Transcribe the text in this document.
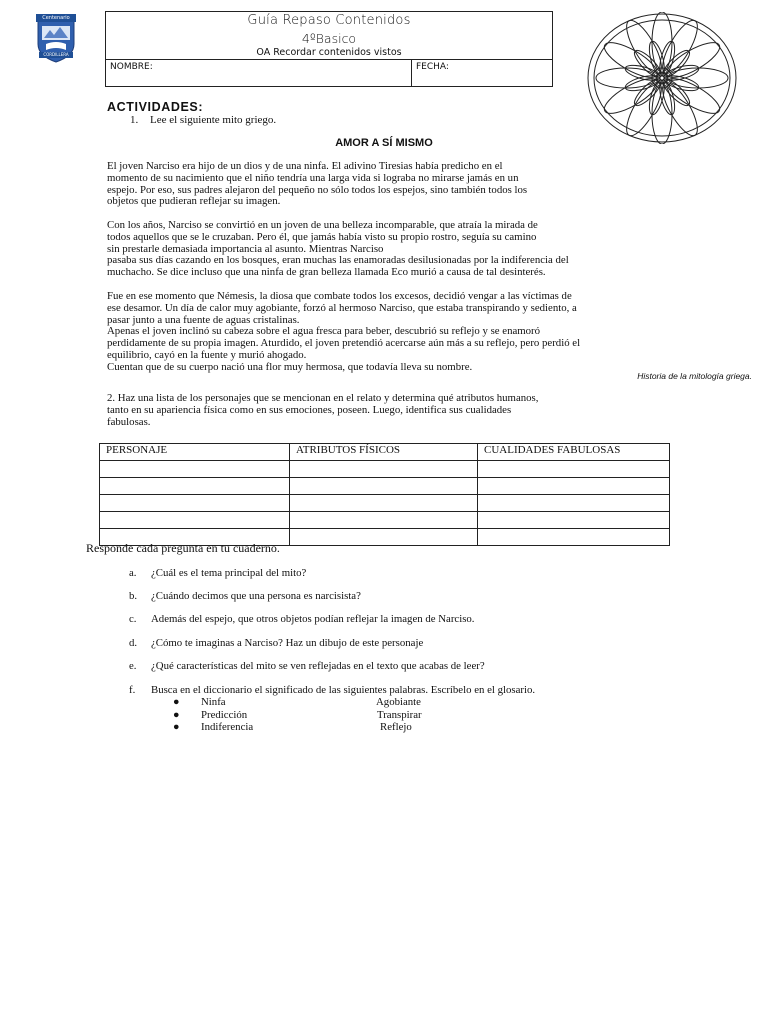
Centenario
CORDILLERA
Guía Repaso Contenidos
4ºBasico
OA Recordar contenidos vistos
NOMBRE:	FECHA:
ACTIVIDADES:
1. Lee el siguiente mito griego.
AMOR A SÍ MISMO
El joven Narciso era hijo de un dios y de una ninfa. El adivino Tiresias había predicho en el
momento de su nacimiento que el niño tendría una larga vida si lograba no mirarse jamás en un
espejo. Por eso, sus padres alejaron del pequeño no sólo todos los espejos, sino también todos los
objetos que pudieran reflejar su imagen.
Con los años, Narciso se convirtió en un joven de una belleza incomparable, que atraía la mirada de
todos aquellos que se le cruzaban. Pero él, que jamás había visto su propio rostro, seguía su camino
sin prestarle demasiada importancia al asunto. Mientras Narciso
pasaba sus días cazando en los bosques, eran muchas las enamoradas desilusionadas por la indiferencia del
muchacho. Se dice incluso que una ninfa de gran belleza llamada Eco murió a causa de tal desinterés.
Fue en ese momento que Némesis, la diosa que combate todos los excesos, decidió vengar a las víctimas de
ese desamor. Un día de calor muy agobiante, forzó al hermoso Narciso, que estaba transpirando y sediento, a
pasar junto a una fuente de aguas cristalinas.
Apenas el joven inclinó su cabeza sobre el agua fresca para beber, descubrió su reflejo y se enamoró
perdidamente de su propia imagen. Aturdido, el joven pretendió acercarse aún más a su reflejo, pero perdió el
equilibrio, cayó en la fuente y murió ahogado.
Cuentan que de su cuerpo nació una flor muy hermosa, que todavía lleva su nombre.
Historia de la mitología griega.
2. Haz una lista de los personajes que se mencionan en el relato y determina qué atributos humanos,
tanto en su apariencia física como en sus emociones, poseen. Luego, identifica sus cualidades
fabulosas.
PERSONAJE	ATRIBUTOS FÍSICOS	CUALIDADES FABULOSAS

Responde cada pregunta en tu cuaderno.
a. ¿Cuál es el tema principal del mito?
b. ¿Cuándo decimos que una persona es narcisista?
c. Además del espejo, que otros objetos podían reflejar la imagen de Narciso.
d. ¿Cómo te imaginas a Narciso? Haz un dibujo de este personaje
e. ¿Qué características del mito se ven reflejadas en el texto que acabas de leer?
f. Busca en el diccionario el significado de las siguientes palabras. Escríbelo en el glosario.
● Ninfa
● Predicción
● Indiferencia
Agobiante
Transpirar
Reflejo
